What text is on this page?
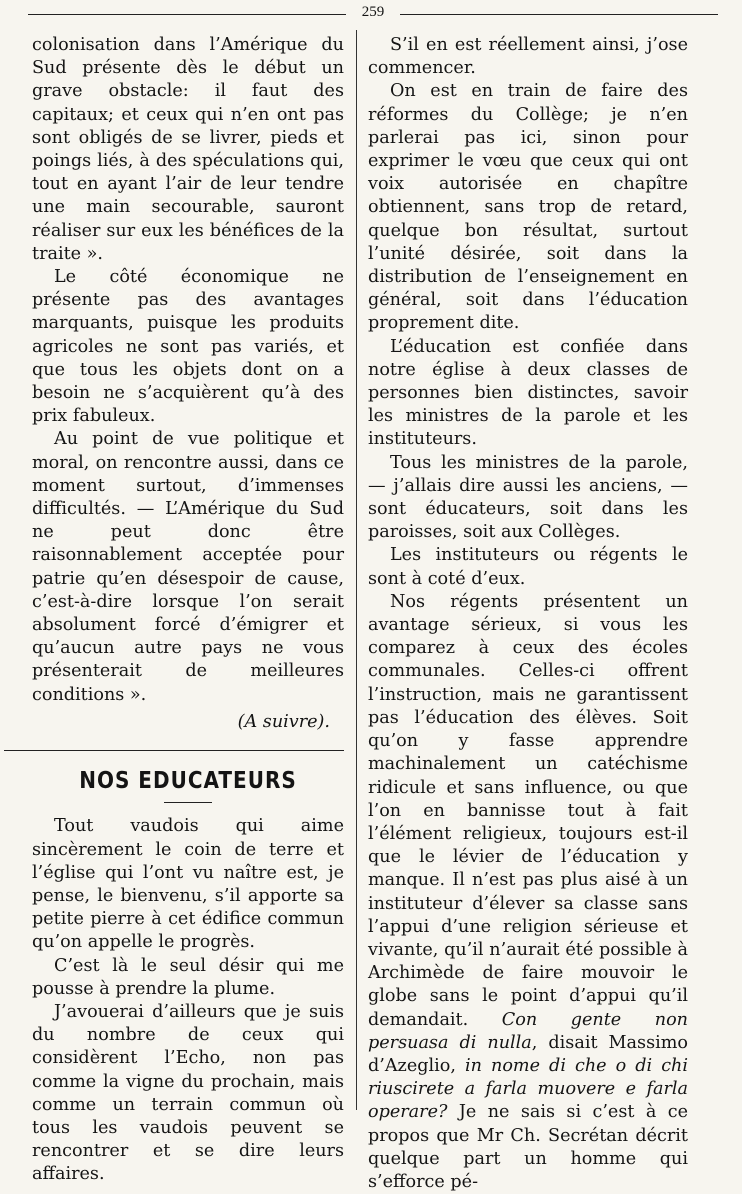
259

colonisation dans l’Amérique du Sud présente dès le début un grave obstacle: il faut des capitaux; et ceux qui n’en ont pas sont obligés de se livrer, pieds et poings liés, à des spéculations qui, tout en ayant l’air de leur tendre une main secourable, sauront réaliser sur eux les bénéfices de la traite ».

Le côté économique ne présente pas des avantages marquants, puisque les produits agricoles ne sont pas variés, et que tous les objets dont on a besoin ne s’acquièrent qu’à des prix fabuleux.

Au point de vue politique et moral, on rencontre aussi, dans ce moment surtout, d’immenses difficultés. — L’Amérique du Sud ne peut donc être raisonnablement acceptée pour patrie qu’en désespoir de cause, c’est-à-dire lorsque l’on serait absolument forcé d’émigrer et qu’aucun autre pays ne vous présenterait de meilleures conditions ».

(A suivre).

NOS EDUCATEURS

Tout vaudois qui aime sincèrement le coin de terre et l’église qui l’ont vu naître est, je pense, le bienvenu, s’il apporte sa petite pierre à cet édifice commun qu’on appelle le progrès.

C’est là le seul désir qui me pousse à prendre la plume.

J’avouerai d’ailleurs que je suis du nombre de ceux qui considèrent l’Echo, non pas comme la vigne du prochain, mais comme un terrain commun où tous les vaudois peuvent se rencontrer et se dire leurs affaires.

S’il en est réellement ainsi, j’ose commencer.

On est en train de faire des réformes du Collège; je n’en parlerai pas ici, sinon pour exprimer le vœu que ceux qui ont voix autorisée en chapître obtiennent, sans trop de retard, quelque bon résultat, surtout l’unité désirée, soit dans la distribution de l’enseignement en général, soit dans l’éducation proprement dite.

L’éducation est confiée dans notre église à deux classes de personnes bien distinctes, savoir les ministres de la parole et les instituteurs.

Tous les ministres de la parole, — j’allais dire aussi les anciens, — sont éducateurs, soit dans les paroisses, soit aux Collèges.

Les instituteurs ou régents le sont à coté d’eux.

Nos régents présentent un avantage sérieux, si vous les comparez à ceux des écoles communales. Celles-ci offrent l’instruction, mais ne garantissent pas l’éducation des élèves. Soit qu’on y fasse apprendre machinalement un catéchisme ridicule et sans influence, ou que l’on en bannisse tout à fait l’élément religieux, toujours est-il que le lévier de l’éducation y manque. Il n’est pas plus aisé à un instituteur d’élever sa classe sans l’appui d’une religion sérieuse et vivante, qu’il n’aurait été possible à Archimède de faire mouvoir le globe sans le point d’appui qu’il demandait. Con gente non persuasa di nulla, disait Massimo d’Azeglio, in nome di che o di chi riuscirete a farla muovere e farla operare? Je ne sais si c’est à ce propos que Mr Ch. Secrétan décrit quelque part un homme qui s’efforce pé-
